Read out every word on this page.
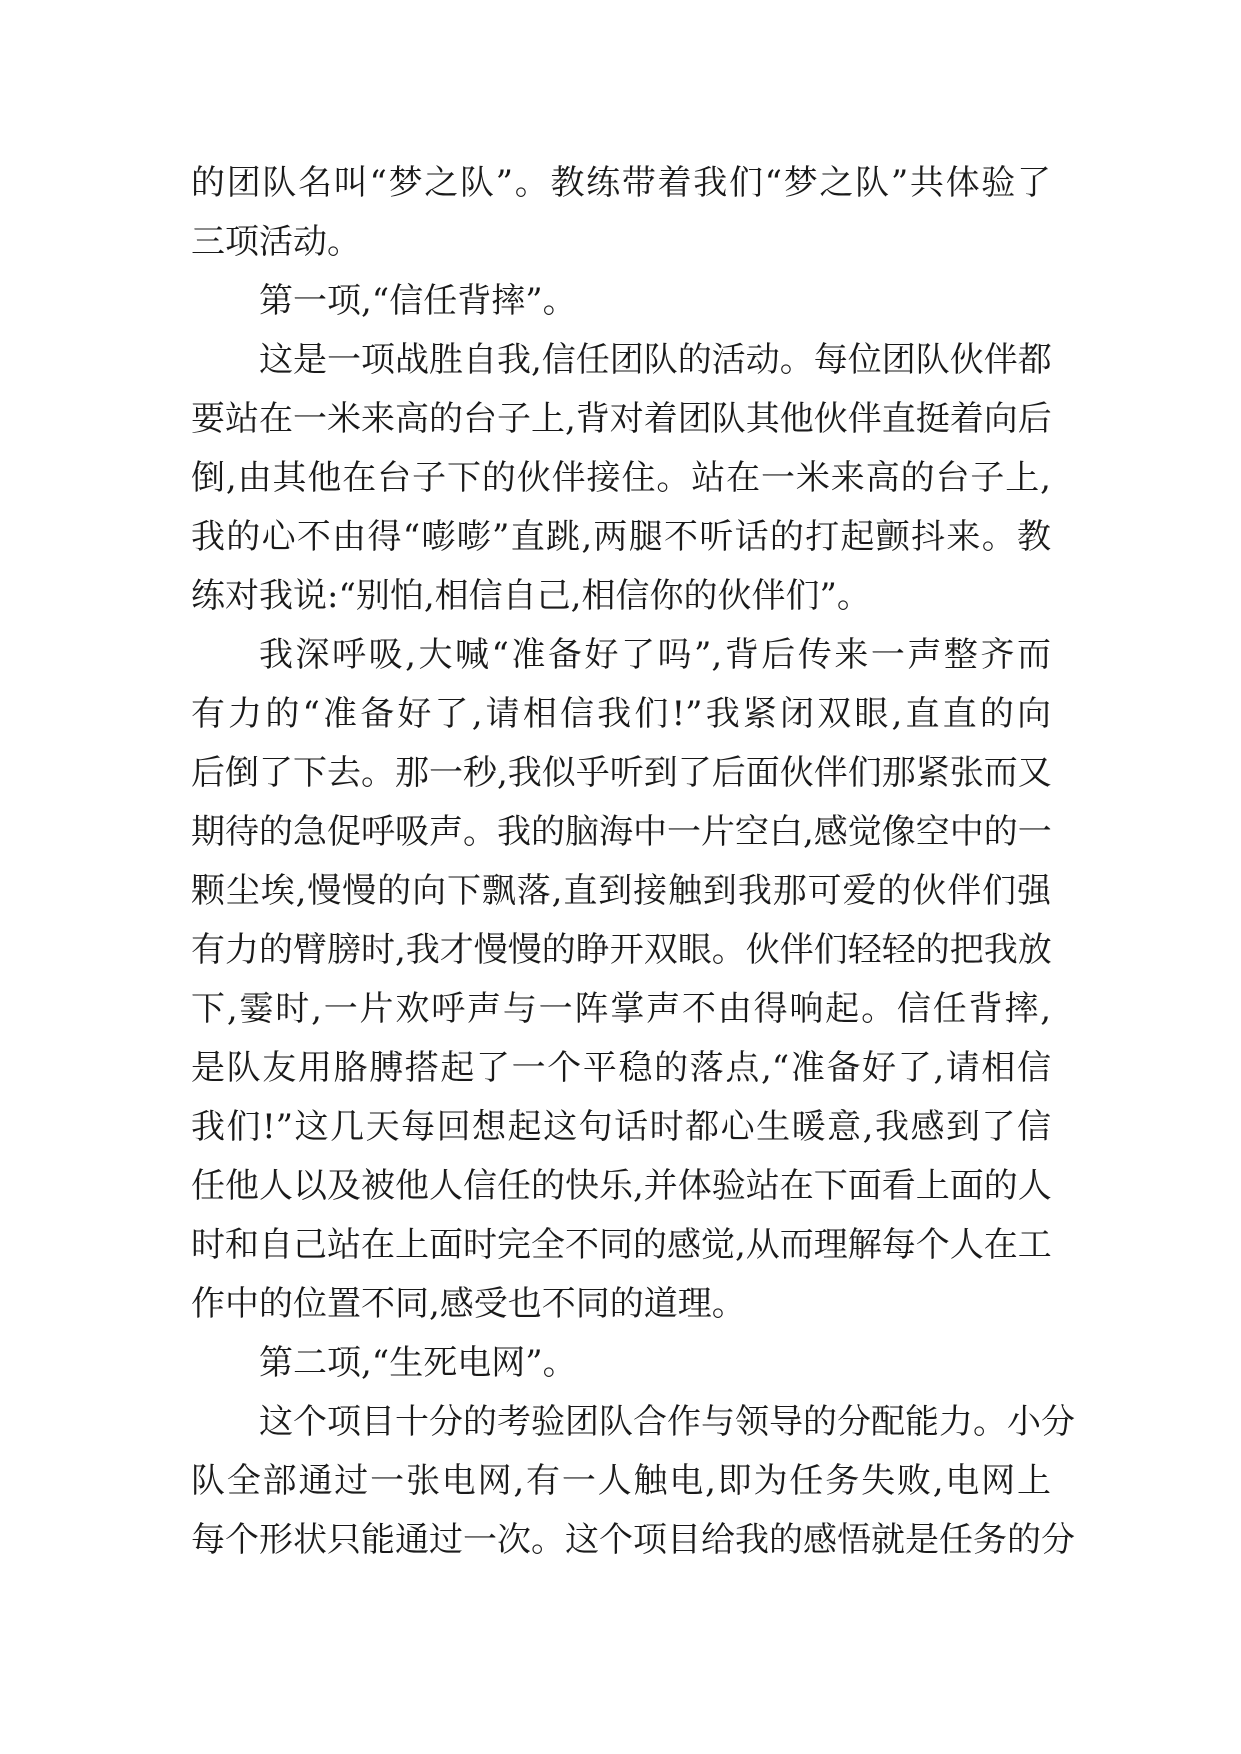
的团队名叫“梦之队”。教练带着我们“梦之队”共体验了
三项活动。
第一项,“信任背摔”。
这是一项战胜自我,信任团队的活动。每位团队伙伴都
要站在一米来高的台子上,背对着团队其他伙伴直挺着向后
倒,由其他在台子下的伙伴接住。站在一米来高的台子上,
我的心不由得“嘭嘭”直跳,两腿不听话的打起颤抖来。教
练对我说:“别怕,相信自己,相信你的伙伴们”。
我深呼吸,大喊“准备好了吗”,背后传来一声整齐而
有力的“准备好了,请相信我们!”我紧闭双眼,直直的向
后倒了下去。那一秒,我似乎听到了后面伙伴们那紧张而又
期待的急促呼吸声。我的脑海中一片空白,感觉像空中的一
颗尘埃,慢慢的向下飘落,直到接触到我那可爱的伙伴们强
有力的臂膀时,我才慢慢的睁开双眼。伙伴们轻轻的把我放
下,霎时,一片欢呼声与一阵掌声不由得响起。信任背摔,
是队友用胳膊搭起了一个平稳的落点,“准备好了,请相信
我们!”这几天每回想起这句话时都心生暖意,我感到了信
任他人以及被他人信任的快乐,并体验站在下面看上面的人
时和自己站在上面时完全不同的感觉,从而理解每个人在工
作中的位置不同,感受也不同的道理。
第二项,“生死电网”。
这个项目十分的考验团队合作与领导的分配能力。小分
队全部通过一张电网,有一人触电,即为任务失败,电网上
每个形状只能通过一次。这个项目给我的感悟就是任务的分
